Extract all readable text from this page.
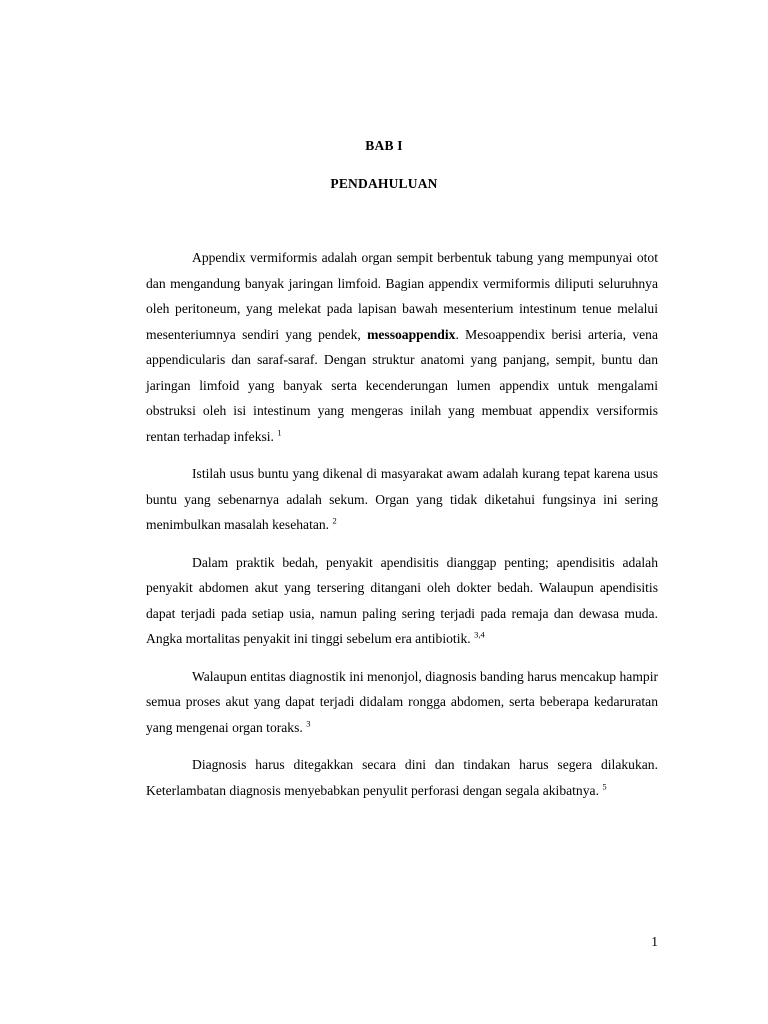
BAB I
PENDAHULUAN

Appendix vermiformis adalah organ sempit berbentuk tabung yang mempunyai otot dan mengandung banyak jaringan limfoid. Bagian appendix vermiformis diliputi seluruhnya oleh peritoneum, yang melekat pada lapisan bawah mesenterium intestinum tenue melalui mesenteriumnya sendiri yang pendek, messoappendix. Mesoappendix berisi arteria, vena appendicularis dan saraf-saraf. Dengan struktur anatomi yang panjang, sempit, buntu dan jaringan limfoid yang banyak serta kecenderungan lumen appendix untuk mengalami obstruksi oleh isi intestinum yang mengeras inilah yang membuat appendix versiformis rentan terhadap infeksi. $^1$

Istilah usus buntu yang dikenal di masyarakat awam adalah kurang tepat karena usus buntu yang sebenarnya adalah sekum. Organ yang tidak diketahui fungsinya ini sering menimbulkan masalah kesehatan. $^2$

Dalam praktik bedah, penyakit apendisitis dianggap penting; apendisitis adalah penyakit abdomen akut yang tersering ditangani oleh dokter bedah. Walaupun apendisitis dapat terjadi pada setiap usia, namun paling sering terjadi pada remaja dan dewasa muda. Angka mortalitas penyakit ini tinggi sebelum era antibiotik. $^{3,4}$

Walaupun entitas diagnostik ini menonjol, diagnosis banding harus mencakup hampir semua proses akut yang dapat terjadi didalam rongga abdomen, serta beberapa kedaruratan yang mengenai organ toraks. $^3$

Diagnosis harus ditegakkan secara dini dan tindakan harus segera dilakukan. Keterlambatan diagnosis menyebabkan penyulit perforasi dengan segala akibatnya. $^5$

1
